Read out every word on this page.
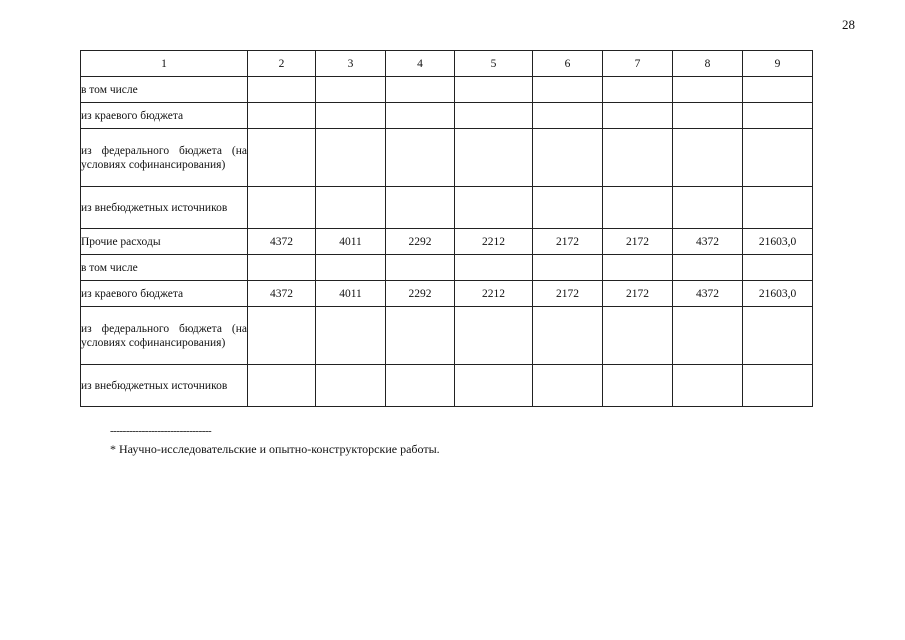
28
1	2	3	4	5	6	7	8	9
в том числе								
из краевого бюджета								
из федерального бюджета (на условиях софинансирования)								
из внебюджетных источников								
Прочие расходы	4372	4011	2292	2212	2172	2172	4372	21603,0
в том числе								
из краевого бюджета	4372	4011	2292	2212	2172	2172	4372	21603,0
из федерального бюджета (на условиях софинансирования)								
из внебюджетных источников								
--------------------------------
* Научно-исследовательские и опытно-конструкторские работы.
